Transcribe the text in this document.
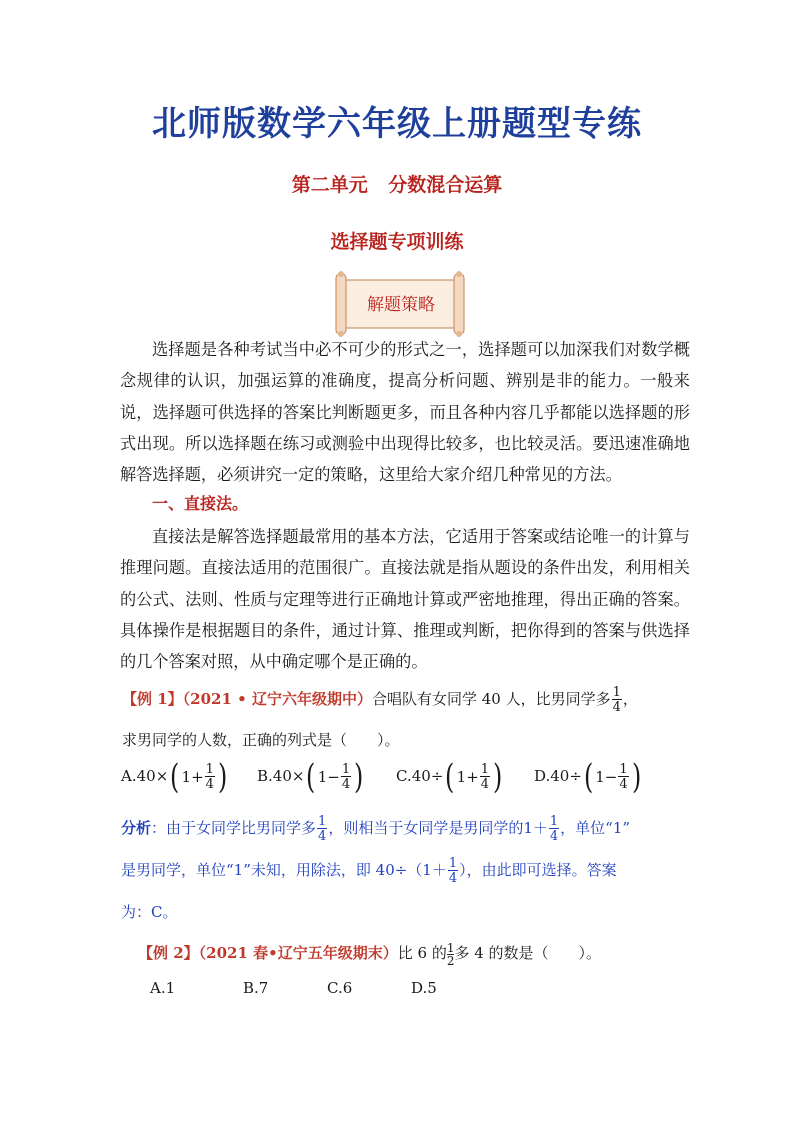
北师版数学六年级上册题型专练
第二单元 分数混合运算
选择题专项训练
解题策略
选择题是各种考试当中必不可少的形式之一，选择题可以加深我们对数学概念规律的认识，加强运算的准确度，提高分析问题、辨别是非的能力。一般来说，选择题可供选择的答案比判断题更多，而且各种内容几乎都能以选择题的形式出现。所以选择题在练习或测验中出现得比较多，也比较灵活。要迅速准确地解答选择题，必须讲究一定的策略，这里给大家介绍几种常见的方法。
一、直接法。
直接法是解答选择题最常用的基本方法，它适用于答案或结论唯一的计算与推理问题。直接法适用的范围很广。直接法就是指从题设的条件出发，利用相关的公式、法则、性质与定理等进行正确地计算或严密地推理，得出正确的答案。具体操作是根据题目的条件，通过计算、推理或判断，把你得到的答案与供选择的几个答案对照，从中确定哪个是正确的。
【例 1】（2021 • 辽宁六年级期中）合唱队有女同学 40 人，比男同学多 $\frac{1}{4}$ ，
求男同学的人数，正确的列式是（　　）。
A.40× ( $1 + \frac{1}{4}$ ) B.40× ( $1 - \frac{1}{4}$ ) C.40÷ ( $1 + \frac{1}{4}$ ) D.40÷ ( $1 - \frac{1}{4}$ )
分析：由于女同学比男同学多 $\frac{1}{4}$ ，则相当于女同学是男同学的$1+ \frac{1}{4}$ ，单位“1”
是男同学，单位“1”未知，用除法，即 $40\div(1+ \frac{1}{4}$ ），由此即可选择。答案
为：C。
【例 2】（2021 春•辽宁五年级期末）比 6 的 $\frac{1}{2}$ 多 4 的数是（　　）。
A.1	B.7	C.6	D.5
